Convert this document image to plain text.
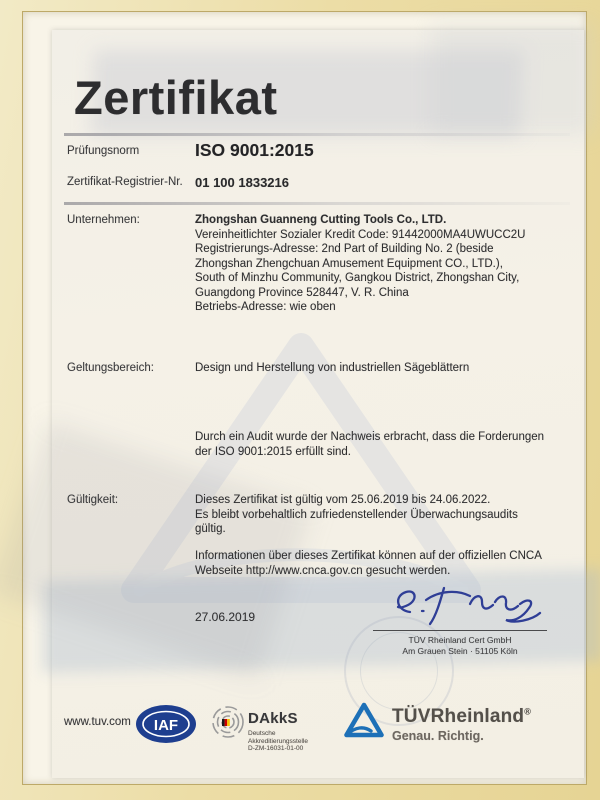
Zertifikat
Prüfungsnorm	ISO 9001:2015
Zertifikat-Registrier-Nr. 01 100 1833216
Unternehmen:	Zhongshan Guanneng Cutting Tools Co., LTD.
Vereinheitlichter Sozialer Kredit Code: 91442000MA4UWUCC2U
Registrierungs-Adresse: 2nd Part of Building No. 2 (beside
Zhongshan Zhengchuan Amusement Equipment CO., LTD.),
South of Minzhu Community, Gangkou District, Zhongshan City,
Guangdong Province 528447, V. R. China
Betriebs-Adresse: wie oben
Geltungsbereich:	Design und Herstellung von industriellen Sägeblättern
Durch ein Audit wurde der Nachweis erbracht, dass die Forderungen der ISO 9001:2015 erfüllt sind.
Gültigkeit:	Dieses Zertifikat ist gültig vom 25.06.2019 bis 24.06.2022.
Es bleibt vorbehaltlich zufriedenstellender Überwachungsaudits gültig.
Informationen über dieses Zertifikat können auf der offiziellen CNCA Webseite http://www.cnca.gov.cn gesucht werden.
27.06.2019
TÜV Rheinland Cert GmbH
Am Grauen Stein · 51105 Köln
www.tuv.com IAF	DAkkS
Deutsche
Akkreditierungsstelle
D-ZM-16031-01-00
TÜVRheinland®
Genau. Richtig.
